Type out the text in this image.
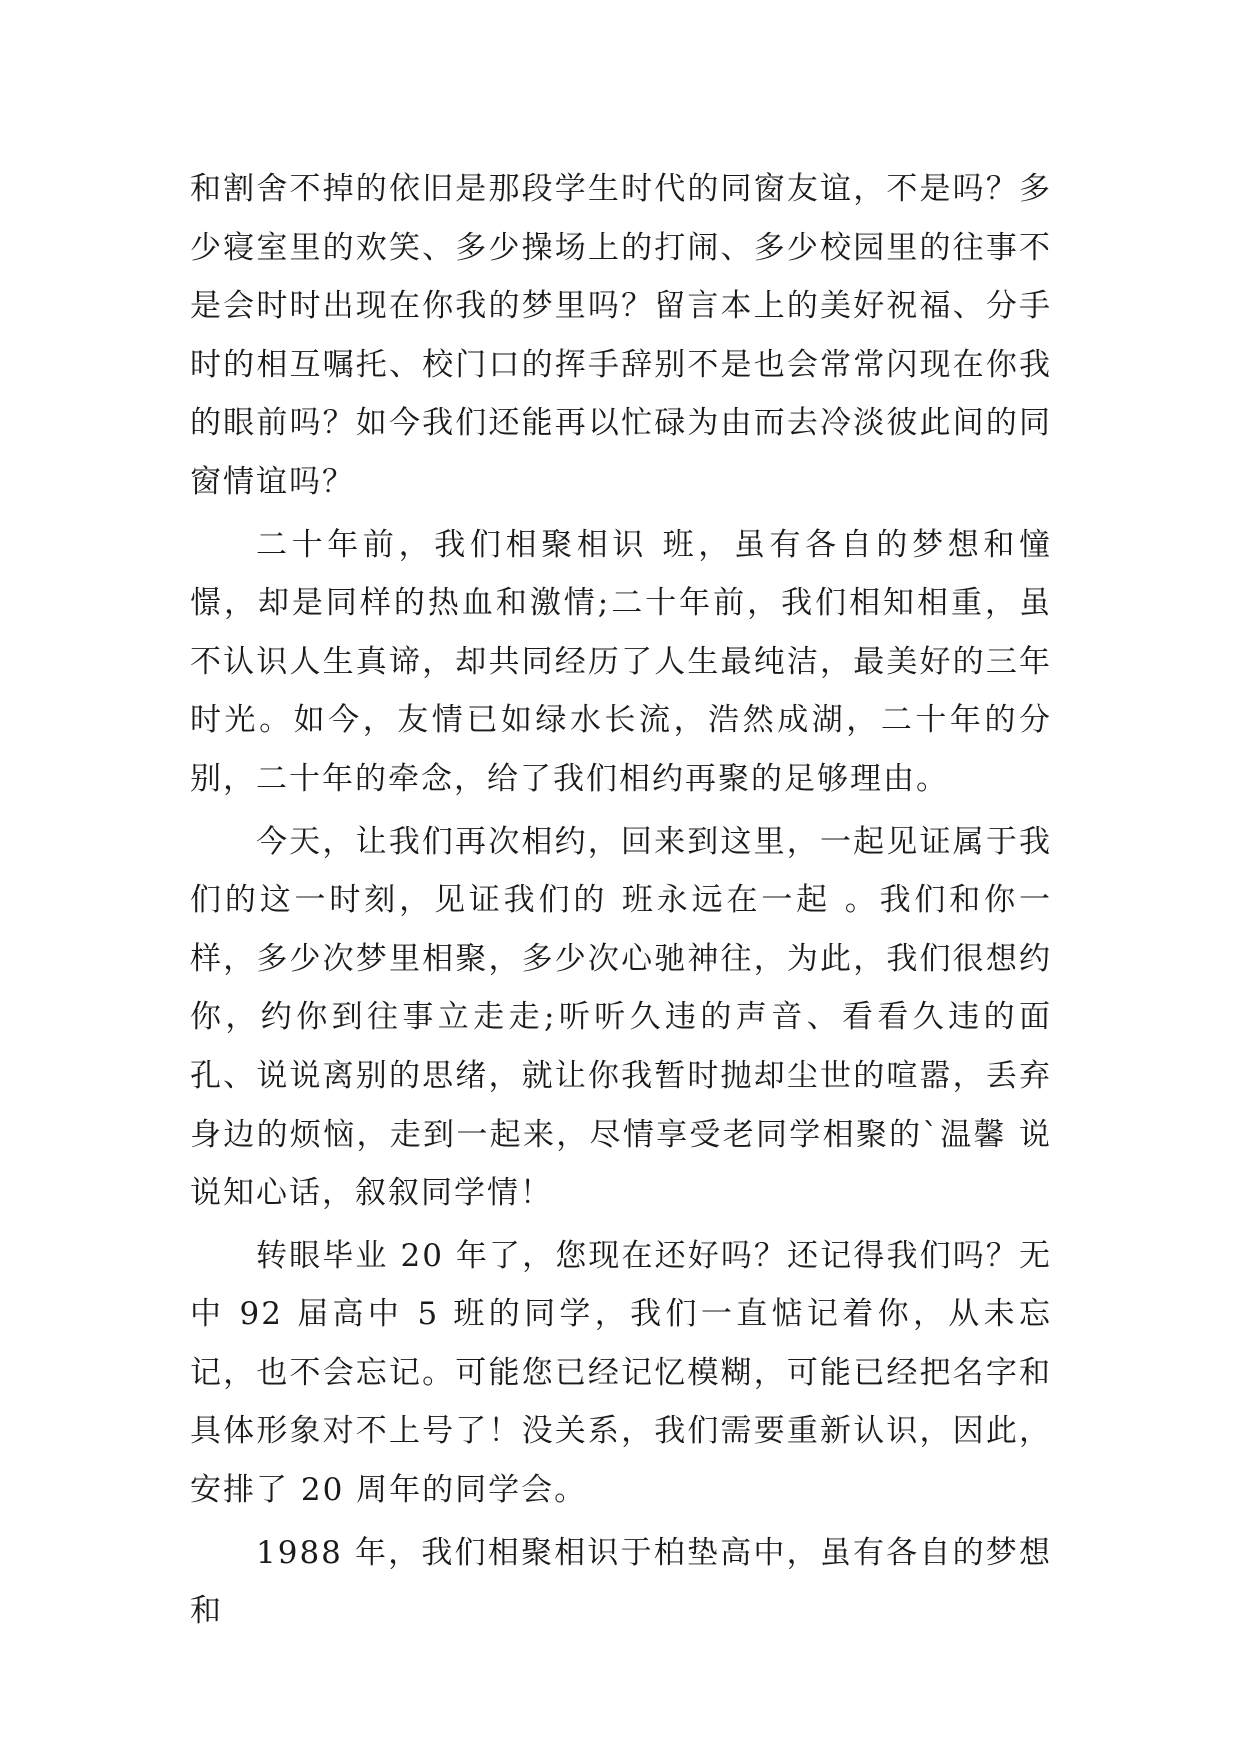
和割舍不掉的依旧是那段学生时代的同窗友谊，不是吗？多少寝室里的欢笑、多少操场上的打闹、多少校园里的往事不是会时时出现在你我的梦里吗？留言本上的美好祝福、分手时的相互嘱托、校门口的挥手辞别不是也会常常闪现在你我的眼前吗？如今我们还能再以忙碌为由而去冷淡彼此间的同窗情谊吗？

二十年前，我们相聚相识 班，虽有各自的梦想和憧憬，却是同样的热血和激情;二十年前，我们相知相重，虽不认识人生真谛，却共同经历了人生最纯洁，最美好的三年时光。如今，友情已如绿水长流，浩然成湖，二十年的分别，二十年的牵念，给了我们相约再聚的足够理由。

今天，让我们再次相约，回来到这里，一起见证属于我们的这一时刻，见证我们的 班永远在一起 。我们和你一样，多少次梦里相聚，多少次心驰神往，为此，我们很想约你，约你到往事立走走;听听久违的声音、看看久违的面孔、说说离别的思绪，就让你我暂时抛却尘世的喧嚣，丢弃身边的烦恼，走到一起来，尽情享受老同学相聚的`温馨 说说知心话，叙叙同学情！

转眼毕业 20 年了，您现在还好吗？还记得我们吗？无中 92 届高中 5 班的同学，我们一直惦记着你，从未忘记，也不会忘记。可能您已经记忆模糊，可能已经把名字和具体形象对不上号了！没关系，我们需要重新认识，因此，安排了 20 周年的同学会。

1988 年，我们相聚相识于柏垫高中，虽有各自的梦想和
